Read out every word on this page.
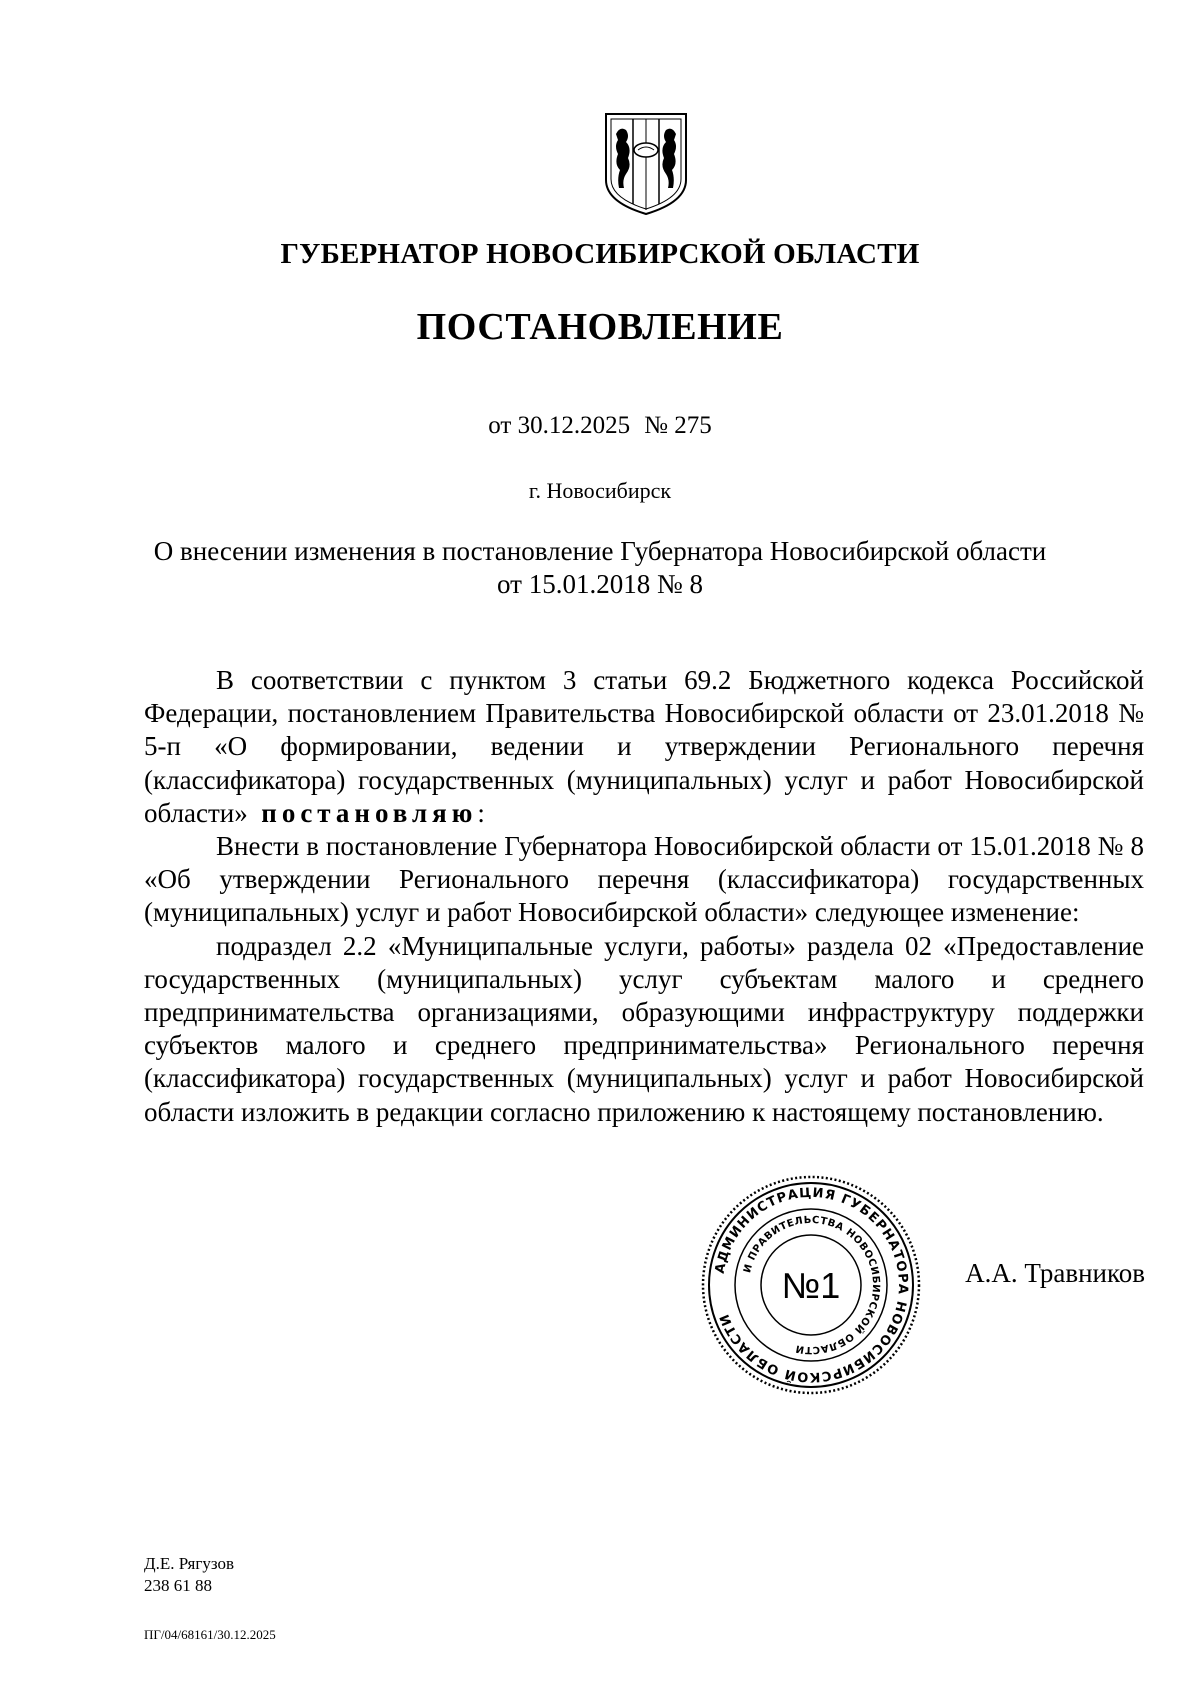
ГУБЕРНАТОР НОВОСИБИРСКОЙ ОБЛАСТИ
ПОСТАНОВЛЕНИЕ
от 30.12.2025 № 275
г. Новосибирск
О внесении изменения в постановление Губернатора Новосибирской области
от 15.01.2018 № 8

В соответствии с пунктом 3 статьи 69.2 Бюджетного кодекса Российской Федерации, постановлением Правительства Новосибирской области от 23.01.2018 № 5-п «О формировании, ведении и утверждении Регионального перечня (классификатора) государственных (муниципальных) услуг и работ Новосибирской области» постановляю:

Внести в постановление Губернатора Новосибирской области от 15.01.2018 № 8 «Об утверждении Регионального перечня (классификатора) государственных (муниципальных) услуг и работ Новосибирской области» следующее изменение:

подраздел 2.2 «Муниципальные услуги, работы» раздела 02 «Предоставление государственных (муниципальных) услуг субъектам малого и среднего предпринимательства организациями, образующими инфраструктуру поддержки субъектов малого и среднего предпринимательства» Регионального перечня (классификатора) государственных (муниципальных) услуг и работ Новосибирской области изложить в редакции согласно приложению к настоящему постановлению.

АДМИНИСТРАЦИЯ ГУБЕРНАТОРА НОВОСИБИРСКОЙ ОБЛАСТИ
И ПРАВИТЕЛЬСТВА НОВОСИБИРСКОЙ ОБЛАСТИ
№1	А.А. Травников
Д.Е. Рягузов
238 61 88
ПГ/04/68161/30.12.2025
